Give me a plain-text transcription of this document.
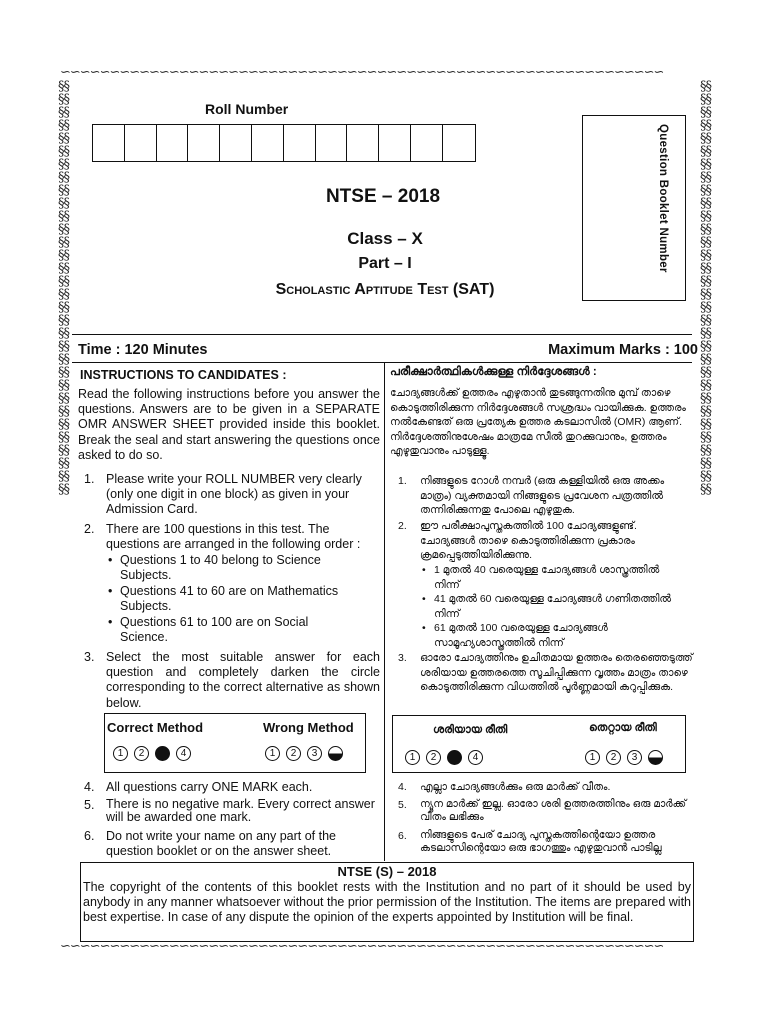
∽∽∽∽∽∽∽∽∽∽∽∽∽∽∽∽∽∽∽∽∽∽∽∽∽∽∽∽∽∽∽∽∽∽∽∽∽∽∽∽∽∽∽∽∽∽∽∽∽∽∽∽∽∽∽∽∽∽∽∽∽
∽∽∽∽∽∽∽∽∽∽∽∽∽∽∽∽∽∽∽∽∽∽∽∽∽∽∽∽∽∽∽∽∽∽∽∽∽∽∽∽∽∽∽∽∽∽∽∽∽∽∽∽∽∽∽∽∽∽∽∽∽
§§§§§§§§§§§§§§§§§§§§§§§§§§§§§§§§§§§§§§§§§§§§§§§§§§§§§§§§§§§§§§§§
§§§§§§§§§§§§§§§§§§§§§§§§§§§§§§§§§§§§§§§§§§§§§§§§§§§§§§§§§§§§§§§§
Roll Number
Question Booklet Number
NTSE – 2018
Class – X
Part – I
Scholastic Aptitude Test (SAT)
Time : 120 Minutes	Maximum Marks : 100
INSTRUCTIONS TO CANDIDATES :
Read the following instructions before you answer the questions. Answers are to be given in a SEPARATE OMR ANSWER SHEET provided inside this booklet. Break the seal and start answering the questions once asked to do so.
1. Please write your ROLL NUMBER very clearly (only one digit in one block) as given in your Admission Card.
2. There are 100 questions in this test. The questions are arranged in the following order :
• Questions 1 to 40 belong to Science Subjects.
• Questions 41 to 60 are on Mathematics Subjects.
• Questions 61 to 100 are on Social Science.
3. Select the most suitable answer for each question and completely darken the circle corresponding to the correct alternative as shown below.
Correct Method	Wrong Method
1	2	4	1	2	3
4. All questions carry ONE MARK each.
5. There is no negative mark. Every correct answer will be awarded one mark.
6. Do not write your name on any part of the question booklet or on the answer sheet.
പരീക്ഷാർത്ഥികൾക്കുള്ള നിർദ്ദേശങ്ങൾ :
ചോദ്യങ്ങൾക്ക് ഉത്തരം എഴുതാൻ തുടങ്ങുന്നതിനു മുമ്പ് താഴെ കൊടുത്തിരിക്കുന്ന നിർദ്ദേശങ്ങൾ സശ്രദ്ധം വായിക്കുക. ഉത്തരം നൽകേണ്ടത് ഒരു പ്രത്യേക ഉത്തര കടലാസിൽ (OMR) ആണ്. നിർദ്ദേശത്തിനുശേഷം മാത്രമേ സീൽ തുറക്കുവാനും, ഉത്തരം എഴുതുവാനും പാടുള്ളൂ.
1. നിങ്ങളുടെ റോൾ നമ്പർ (ഒരു കള്ളിയിൽ ഒരു അക്കം മാത്രം) വ്യക്തമായി നിങ്ങളുടെ പ്രവേശന പത്രത്തിൽ തന്നിരിക്കുന്നതു പോലെ എഴുതുക.
2. ഈ പരീക്ഷാപുസ്തകത്തിൽ 100 ചോദ്യങ്ങളുണ്ട്. ചോദ്യങ്ങൾ താഴെ കൊടുത്തിരിക്കുന്ന പ്രകാരം ക്രമപ്പെടുത്തിയിരിക്കുന്നു.
• 1 മുതൽ 40 വരെയുള്ള ചോദ്യങ്ങൾ ശാസ്ത്രത്തിൽ നിന്ന്
• 41 മുതൽ 60 വരെയുള്ള ചോദ്യങ്ങൾ ഗണിതത്തിൽ നിന്ന്
• 61 മുതൽ 100 വരെയുള്ള ചോദ്യങ്ങൾ സാമൂഹ്യശാസ്ത്രത്തിൽ നിന്ന്
3. ഓരോ ചോദ്യത്തിനും ഉചിതമായ ഉത്തരം തെരഞ്ഞെടുത്ത് ശരിയായ ഉത്തരത്തെ സൂചിപ്പിക്കുന്ന വൃത്തം മാത്രം താഴെ കൊടുത്തിരിക്കുന്ന വിധത്തിൽ പൂർണ്ണമായി കറുപ്പിക്കുക.
ശരിയായ രീതി	തെറ്റായ രീതി
1	2	4	1	2	3
4. എല്ലാ ചോദ്യങ്ങൾക്കും ഒരു മാർക്ക് വീതം.
5. ന്യൂന മാർക്ക് ഇല്ല. ഓരോ ശരി ഉത്തരത്തിനും ഒരു മാർക്ക് വീതം ലഭിക്കും
6. നിങ്ങളുടെ പേര് ചോദ്യ പുസ്തകത്തിന്റെയോ ഉത്തര കടലാസിന്റെയോ ഒരു ഭാഗത്തും എഴുതുവാൻ പാടില്ല
NTSE (S) – 2018
The copyright of the contents of this booklet rests with the Institution and no part of it should be used by anybody in any manner whatsoever without the prior permission of the Institution. The items are prepared with best expertise. In case of any dispute the opinion of the experts appointed by Institution will be final.
